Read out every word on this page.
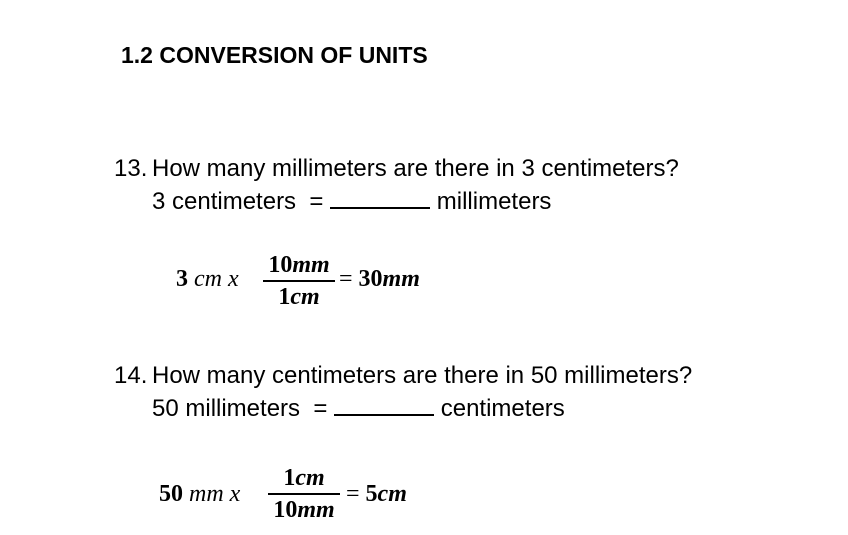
1.2 CONVERSION OF UNITS
13. How many millimeters are there in 3 centimeters?
3 centimeters =	millimeters
3 cm x
10mm
1cm
= 30mm
14. How many centimeters are there in 50 millimeters?
50 millimeters =	centimeters
50 mm x
1cm
10mm
= 5cm
